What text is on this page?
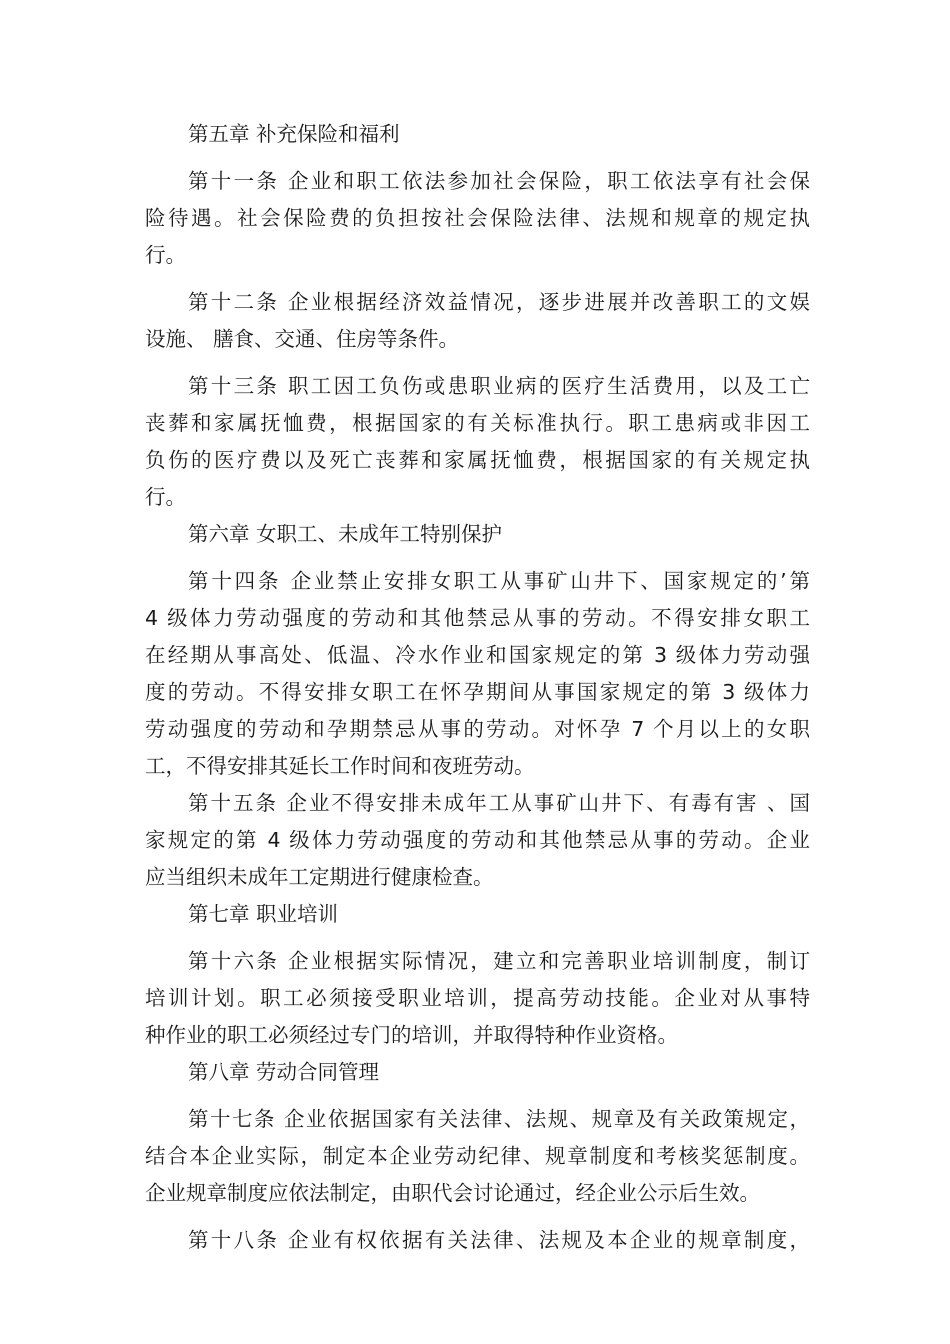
第五章 补充保险和福利
第十一条 企业和职工依法参加社会保险，职工依法享有社会保
险待遇。社会保险费的负担按社会保险法律、法规和规章的规定执
行。
第十二条 企业根据经济效益情况，逐步进展并改善职工的文娱
设施、 膳食、交通、住房等条件。
第十三条 职工因工负伤或患职业病的医疗生活费用，以及工亡
丧葬和家属抚恤费，根据国家的有关标准执行。职工患病或非因工
负伤的医疗费以及死亡丧葬和家属抚恤费，根据国家的有关规定执
行。
第六章 女职工、未成年工特别保护
第十四条 企业禁止安排女职工从事矿山井下、国家规定的’第
4 级体力劳动强度的劳动和其他禁忌从事的劳动。不得安排女职工
在经期从事高处、低温、冷水作业和国家规定的第 3 级体力劳动强
度的劳动。不得安排女职工在怀孕期间从事国家规定的第 3 级体力
劳动强度的劳动和孕期禁忌从事的劳动。对怀孕 7 个月以上的女职
工，不得安排其延长工作时间和夜班劳动。
第十五条 企业不得安排未成年工从事矿山井下、有毒有害 、国
家规定的第 4 级体力劳动强度的劳动和其他禁忌从事的劳动。企业
应当组织未成年工定期进行健康检查。
第七章 职业培训
第十六条 企业根据实际情况，建立和完善职业培训制度，制订
培训计划。职工必须接受职业培训，提高劳动技能。企业对从事特
种作业的职工必须经过专门的培训，并取得特种作业资格。
第八章 劳动合同管理
第十七条 企业依据国家有关法律、法规、规章及有关政策规定，
结合本企业实际，制定本企业劳动纪律、规章制度和考核奖惩制度。
企业规章制度应依法制定，由职代会讨论通过，经企业公示后生效。
第十八条 企业有权依据有关法律、法规及本企业的规章制度，
